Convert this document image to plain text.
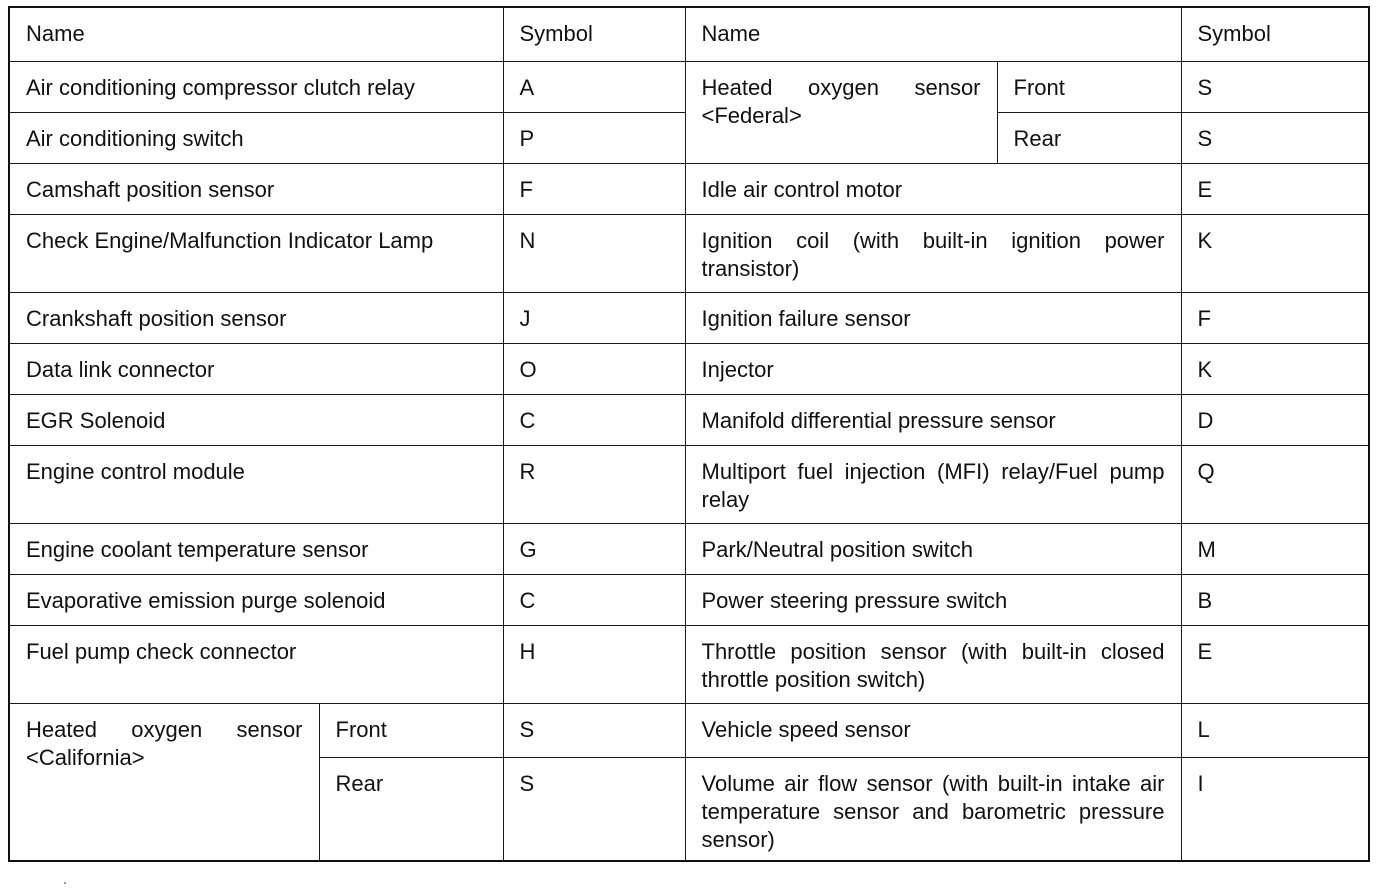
Name		Symbol	Name		Symbol
Air conditioning compressor clutch relay		A	Heated oxygen sensor <Federal>	Front	S
Air conditioning switch		P		Rear	S
Camshaft position sensor		F	Idle air control motor		E
Check Engine/Malfunction Indicator Lamp		N	Ignition coil (with built-in ignition power transistor)		K
Crankshaft position sensor		J	Ignition failure sensor		F
Data link connector		O	Injector		K
EGR Solenoid		C	Manifold differential pressure sensor		D
Engine control module		R	Multiport fuel injection (MFI) relay/Fuel pump relay		Q
Engine coolant temperature sensor		G	Park/Neutral position switch		M
Evaporative emission purge solenoid		C	Power steering pressure switch		B
Fuel pump check connector		H	Throttle position sensor (with built-in closed throttle position switch)		E
Heated oxygen sensor <California>	Front	S	Vehicle speed sensor		L
	Rear	S	Volume air flow sensor (with built-in intake air temperature sensor and barometric pressure sensor)		I
